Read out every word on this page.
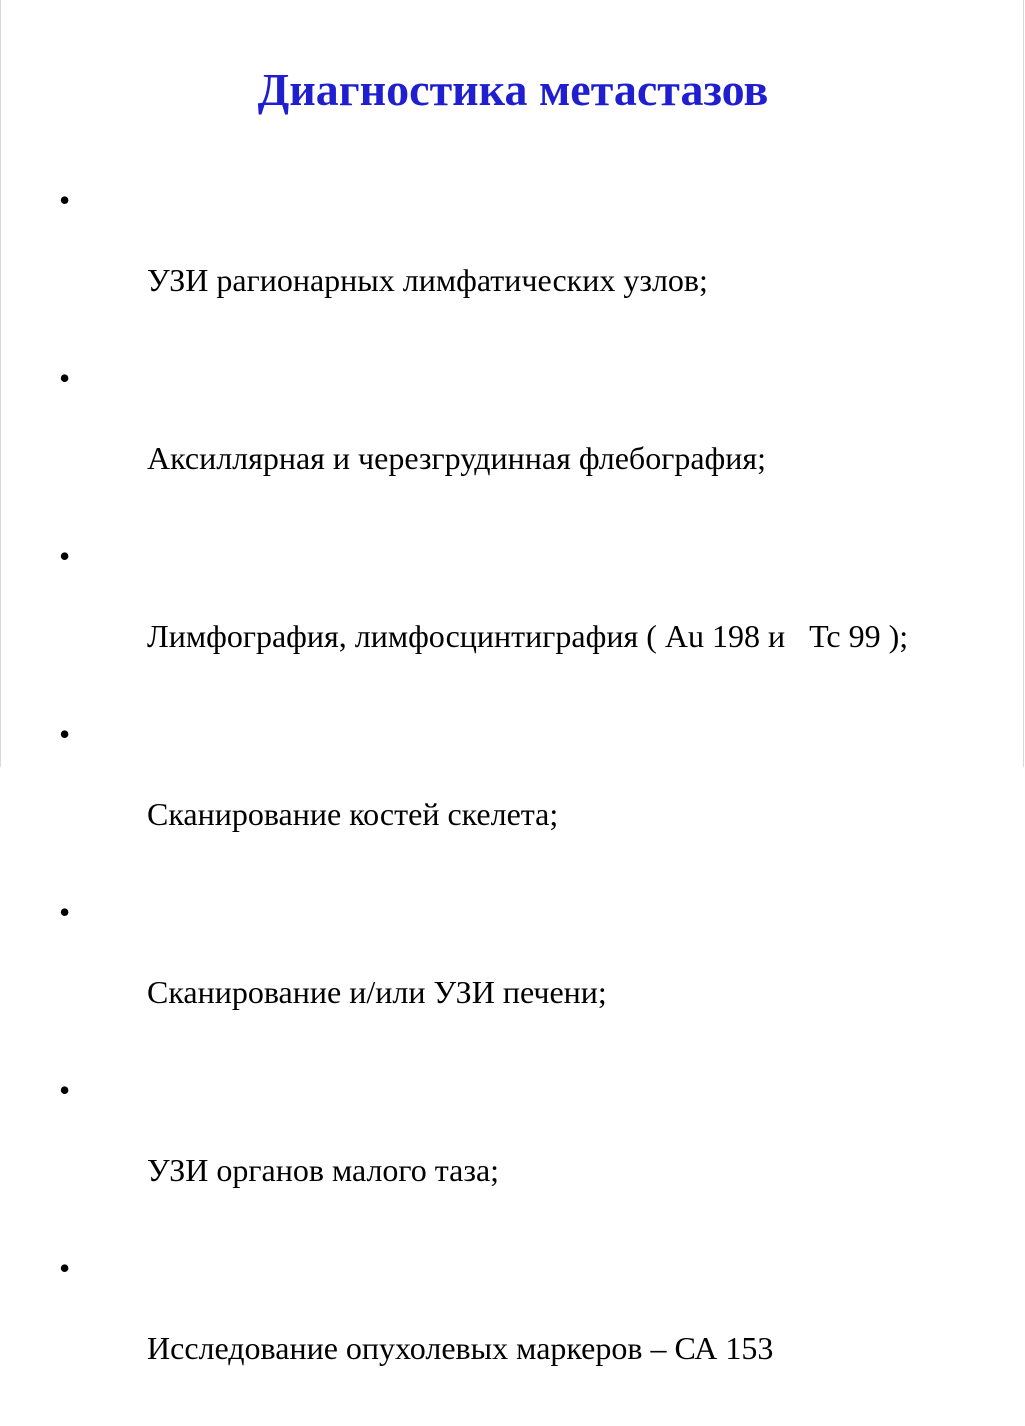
Диагностика метастазов

•

УЗИ рагионарных лимфатических узлов;

•

Аксиллярная и черезгрудинная флебография;

•

Лимфография, лимфосцинтиграфия ( Au 198 и   Tc 99 );

•

Сканирование костей скелета;

•

Сканирование и/или УЗИ печени;

•

УЗИ органов малого таза;

•

Исследование опухолевых маркеров – СА 153
